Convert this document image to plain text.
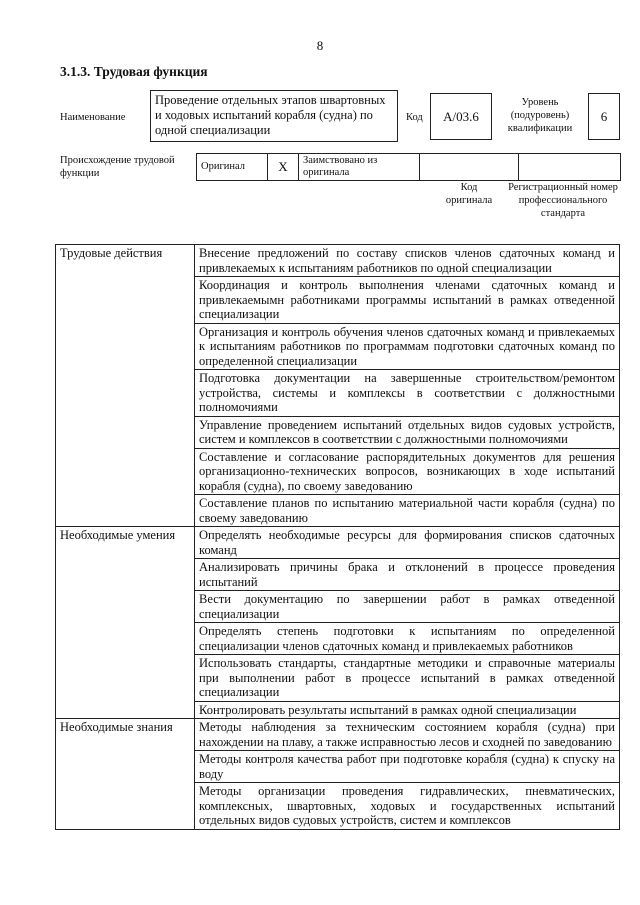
8
3.1.3. Трудовая функция
Наименование
Проведение отдельных этапов швартовных и ходовых испытаний корабля (судна) по одной специализации
Код A/03.6
Уровень (подуровень) квалификации
6
Происхождение трудовой функции
Оригинал	X	Заимствовано из оригинала		
Код оригинала
Регистрационный номер профессионального стандарта
Трудовые действия	Внесение предложений по составу списков членов сдаточных команд и привлекаемых к испытаниям работников по одной специализации
	Координация и контроль выполнения членами сдаточных команд и привлекаемымн работниками программы испытаний в рамках отведенной специализации
	Организация и контроль обучения членов сдаточных команд и привлекаемых к испытаниям работников по программам подготовки сдаточных команд по определенной специализации
	Подготовка документации на завершенные строительством/ремонтом устройства, системы и комплексы в соответствии с должностными полномочиями
	Управление проведением испытаний отдельных видов судовых устройств, систем и комплексов в соответствии с должностными полномочиями
	Составление и согласование распорядительных документов для решения организационно-технических вопросов, возникающих в ходе испытаний корабля (судна), по своему заведованию
	Составление планов по испытанию материальной части корабля (судна) по своему заведованию
Необходимые умения	Определять необходимые ресурсы для формирования списков сдаточных команд
	Анализировать причины брака и отклонений в процессе проведения испытаний
	Вести документацию по завершении работ в рамках отведенной специализации
	Определять степень подготовки к испытаниям по определенной специализации членов сдаточных команд и привлекаемых работников
	Использовать стандарты, стандартные методики и справочные материалы при выполнении работ в процессе испытаний в рамках отведенной специализации
	Контролировать результаты испытаний в рамках одной специализации
Необходимые знания	Методы наблюдения за техническим состоянием корабля (судна) при нахождении на плаву, а также исправностью лесов и сходней по заведованию
	Методы контроля качества работ при подготовке корабля (судна) к спуску на воду
	Методы организации проведения гидравлических, пневматических, комплексных, швартовных, ходовых и государственных испытаний отдельных видов судовых устройств, систем и комплексов
